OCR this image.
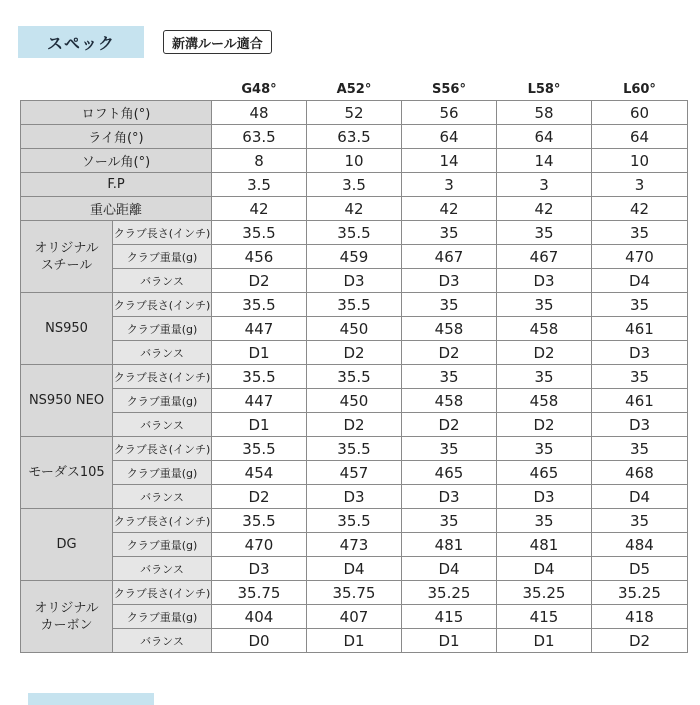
スペック	新溝ルール適合
		G48°	A52°	S56°	L58°	L60°
ロフト角(°)		48	52	56	58	60
ライ角(°)		63.5	63.5	64	64	64
ソール角(°)		8	10	14	14	10
F.P		3.5	3.5	3	3	3
重心距離		42	42	42	42	42

オリジナル
スチール	クラブ長さ(インチ)	35.5	35.5	35	35	35
	クラブ重量(g)	456	459	467	467	470
	バランス	D2	D3	D3	D3	D4

NS950	クラブ長さ(インチ)	35.5	35.5	35	35	35
	クラブ重量(g)	447	450	458	458	461
	バランス	D1	D2	D2	D2	D3

NS950 NEO	クラブ長さ(インチ)	35.5	35.5	35	35	35
	クラブ重量(g)	447	450	458	458	461
	バランス	D1	D2	D2	D2	D3

モーダス105	クラブ長さ(インチ)	35.5	35.5	35	35	35
	クラブ重量(g)	454	457	465	465	468
	バランス	D2	D3	D3	D3	D4

DG	クラブ長さ(インチ)	35.5	35.5	35	35	35
	クラブ重量(g)	470	473	481	481	484
	バランス	D3	D4	D4	D4	D5

オリジナル
カーボン	クラブ長さ(インチ)	35.75	35.75	35.25	35.25	35.25
	クラブ重量(g)	404	407	415	415	418
	バランス	D0	D1	D1	D1	D2
